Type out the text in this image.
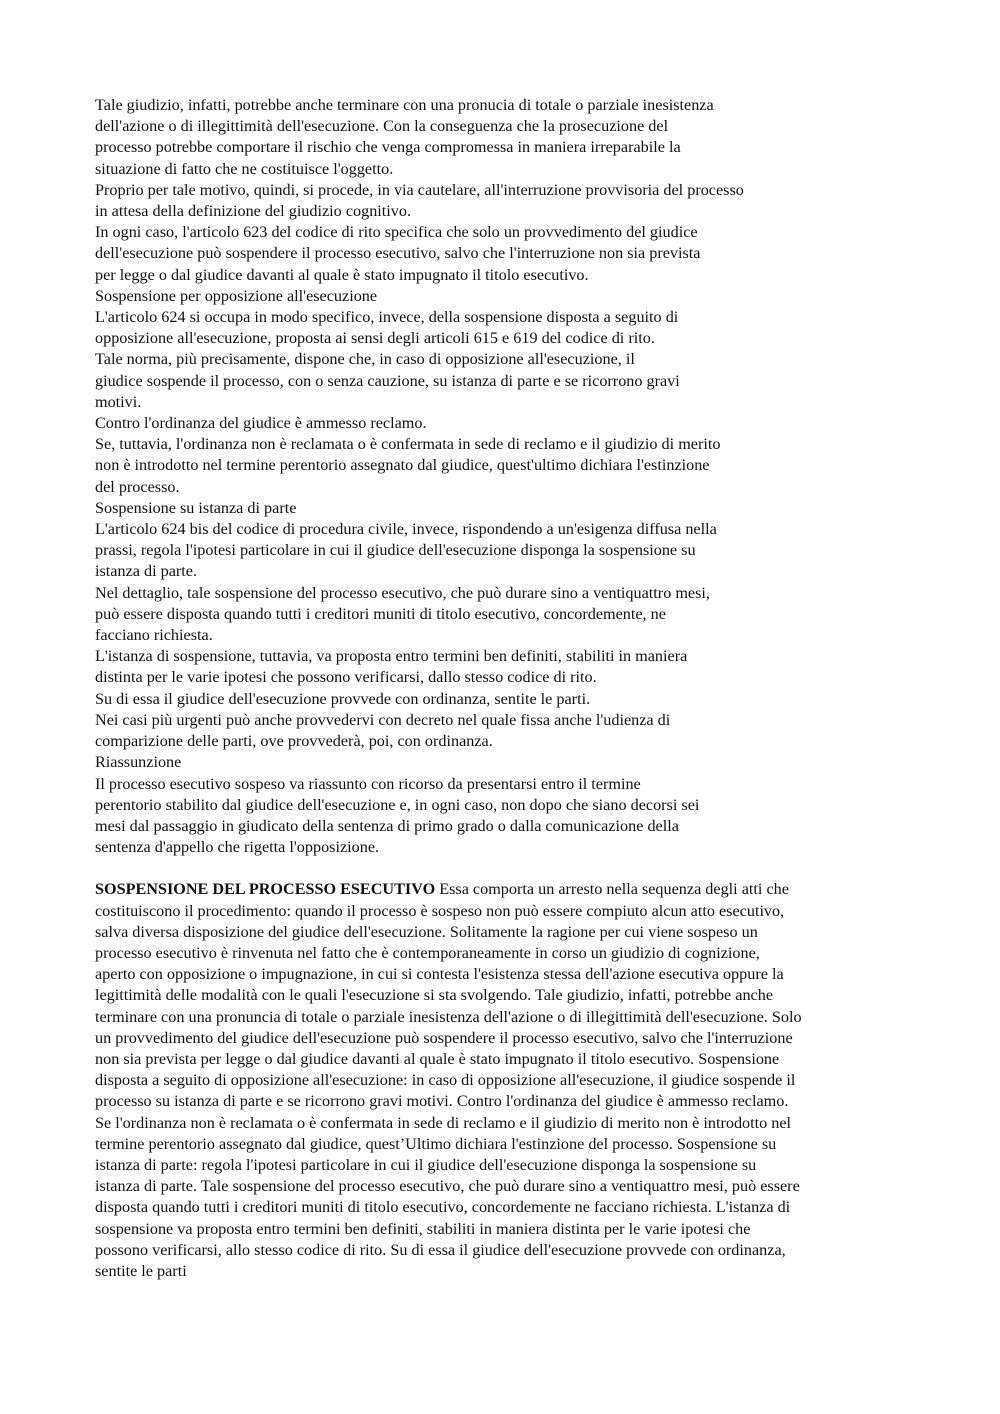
Tale giudizio, infatti, potrebbe anche terminare con una pronucia di totale o parziale inesistenza
dell'azione o di illegittimità dell'esecuzione. Con la conseguenza che la prosecuzione del
processo potrebbe comportare il rischio che venga compromessa in maniera irreparabile la
situazione di fatto che ne costituisce l'oggetto.
Proprio per tale motivo, quindi, si procede, in via cautelare, all'interruzione provvisoria del processo
in attesa della definizione del giudizio cognitivo.
In ogni caso, l'articolo 623 del codice di rito specifica che solo un provvedimento del giudice
dell'esecuzione può sospendere il processo esecutivo, salvo che l'interruzione non sia prevista
per legge o dal giudice davanti al quale è stato impugnato il titolo esecutivo.
Sospensione per opposizione all'esecuzione
L'articolo 624 si occupa in modo specifico, invece, della sospensione disposta a seguito di
opposizione all'esecuzione, proposta ai sensi degli articoli 615 e 619 del codice di rito.
Tale norma, più precisamente, dispone che, in caso di opposizione all'esecuzione, il
giudice sospende il processo, con o senza cauzione, su istanza di parte e se ricorrono gravi
motivi.
Contro l'ordinanza del giudice è ammesso reclamo.
Se, tuttavia, l'ordinanza non è reclamata o è confermata in sede di reclamo e il giudizio di merito
non è introdotto nel termine perentorio assegnato dal giudice, quest'ultimo dichiara l'estinzione
del processo.
Sospensione su istanza di parte
L'articolo 624 bis del codice di procedura civile, invece, rispondendo a un'esigenza diffusa nella
prassi, regola l'ipotesi particolare in cui il giudice dell'esecuzione disponga la sospensione su
istanza di parte.
Nel dettaglio, tale sospensione del processo esecutivo, che può durare sino a ventiquattro mesi,
può essere disposta quando tutti i creditori muniti di titolo esecutivo, concordemente, ne
facciano richiesta.
L'istanza di sospensione, tuttavia, va proposta entro termini ben definiti, stabiliti in maniera
distinta per le varie ipotesi che possono verificarsi, dallo stesso codice di rito.
Su di essa il giudice dell'esecuzione provvede con ordinanza, sentite le parti.
Nei casi più urgenti può anche provvedervi con decreto nel quale fissa anche l'udienza di
comparizione delle parti, ove provvederà, poi, con ordinanza.
Riassunzione
Il processo esecutivo sospeso va riassunto con ricorso da presentarsi entro il termine
perentorio stabilito dal giudice dell'esecuzione e, in ogni caso, non dopo che siano decorsi sei
mesi dal passaggio in giudicato della sentenza di primo grado o dalla comunicazione della
sentenza d'appello che rigetta l'opposizione.
SOSPENSIONE DEL PROCESSO ESECUTIVO Essa comporta un arresto nella sequenza degli atti che
costituiscono il procedimento: quando il processo è sospeso non può essere compiuto alcun atto esecutivo,
salva diversa disposizione del giudice dell'esecuzione. Solitamente la ragione per cui viene sospeso un
processo esecutivo è rinvenuta nel fatto che è contemporaneamente in corso un giudizio di cognizione,
aperto con opposizione o impugnazione, in cui si contesta l'esistenza stessa dell'azione esecutiva oppure la
legittimità delle modalità con le quali l'esecuzione si sta svolgendo. Tale giudizio, infatti, potrebbe anche
terminare con una pronuncia di totale o parziale inesistenza dell'azione o di illegittimità dell'esecuzione. Solo
un provvedimento del giudice dell'esecuzione può sospendere il processo esecutivo, salvo che l'interruzione
non sia prevista per legge o dal giudice davanti al quale è stato impugnato il titolo esecutivo. Sospensione
disposta a seguito di opposizione all'esecuzione: in caso di opposizione all'esecuzione, il giudice sospende il
processo su istanza di parte e se ricorrono gravi motivi. Contro l'ordinanza del giudice è ammesso reclamo.
Se l'ordinanza non è reclamata o è confermata in sede di reclamo e il giudizio di merito non è introdotto nel
termine perentorio assegnato dal giudice, quest’Ultimo dichiara l'estinzione del processo. Sospensione su
istanza di parte: regola l'ipotesi particolare in cui il giudice dell'esecuzione disponga la sospensione su
istanza di parte. Tale sospensione del processo esecutivo, che può durare sino a ventiquattro mesi, può essere
disposta quando tutti i creditori muniti di titolo esecutivo, concordemente ne facciano richiesta. L'istanza di
sospensione va proposta entro termini ben definiti, stabiliti in maniera distinta per le varie ipotesi che
possono verificarsi, allo stesso codice di rito. Su di essa il giudice dell'esecuzione provvede con ordinanza,
sentite le parti
